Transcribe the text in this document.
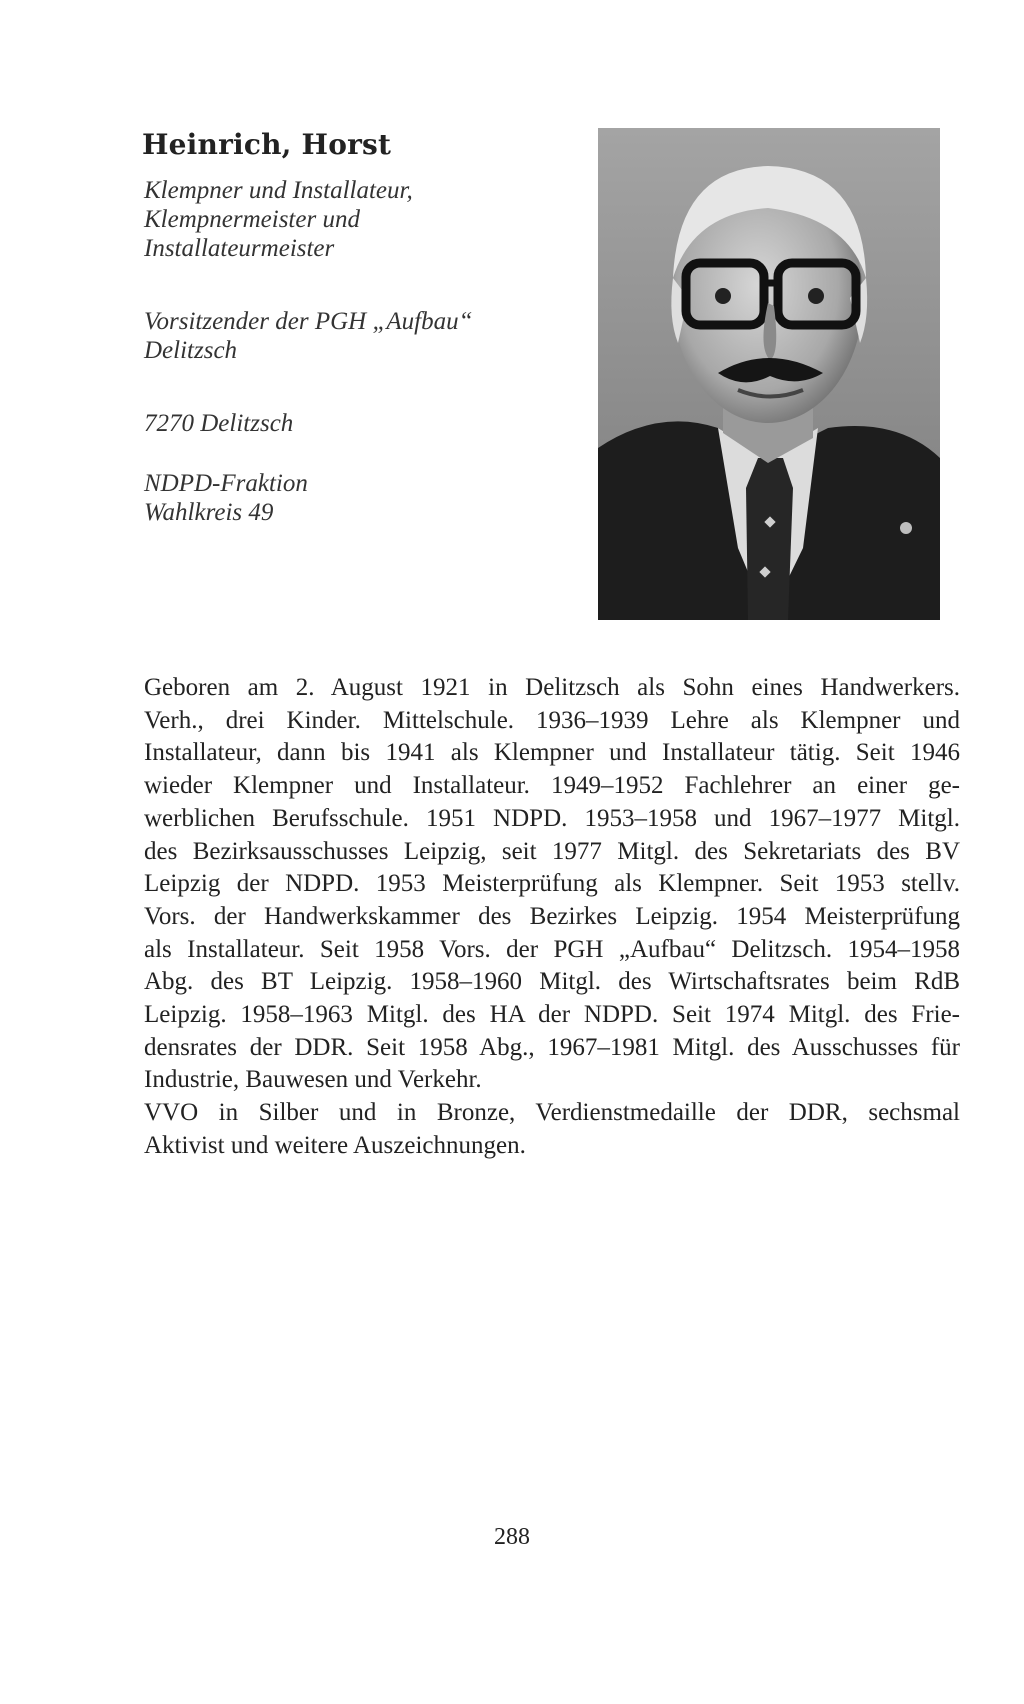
Heinrich, Horst
Klempner und Installateur,
Klempnermeister und
Installateurmeister
Vorsitzender der PGH „Aufbau“
Delitzsch
7270 Delitzsch
NDPD-Fraktion
Wahlkreis 49

Geboren am 2. August 1921 in Delitzsch als Sohn eines Handwerkers.
Verh., drei Kinder. Mittelschule. 1936–1939 Lehre als Klempner und
Installateur, dann bis 1941 als Klempner und Installateur tätig. Seit 1946
wieder Klempner und Installateur. 1949–1952 Fachlehrer an einer ge-
werblichen Berufsschule. 1951 NDPD. 1953–1958 und 1967–1977 Mitgl.
des Bezirksausschusses Leipzig, seit 1977 Mitgl. des Sekretariats des BV
Leipzig der NDPD. 1953 Meisterprüfung als Klempner. Seit 1953 stellv.
Vors. der Handwerkskammer des Bezirkes Leipzig. 1954 Meisterprüfung
als Installateur. Seit 1958 Vors. der PGH „Aufbau“ Delitzsch. 1954–1958
Abg. des BT Leipzig. 1958–1960 Mitgl. des Wirtschaftsrates beim RdB
Leipzig. 1958–1963 Mitgl. des HA der NDPD. Seit 1974 Mitgl. des Frie-
densrates der DDR. Seit 1958 Abg., 1967–1981 Mitgl. des Ausschusses für
Industrie, Bauwesen und Verkehr.

VVO in Silber und in Bronze, Verdienstmedaille der DDR, sechsmal
Aktivist und weitere Auszeichnungen.

288
